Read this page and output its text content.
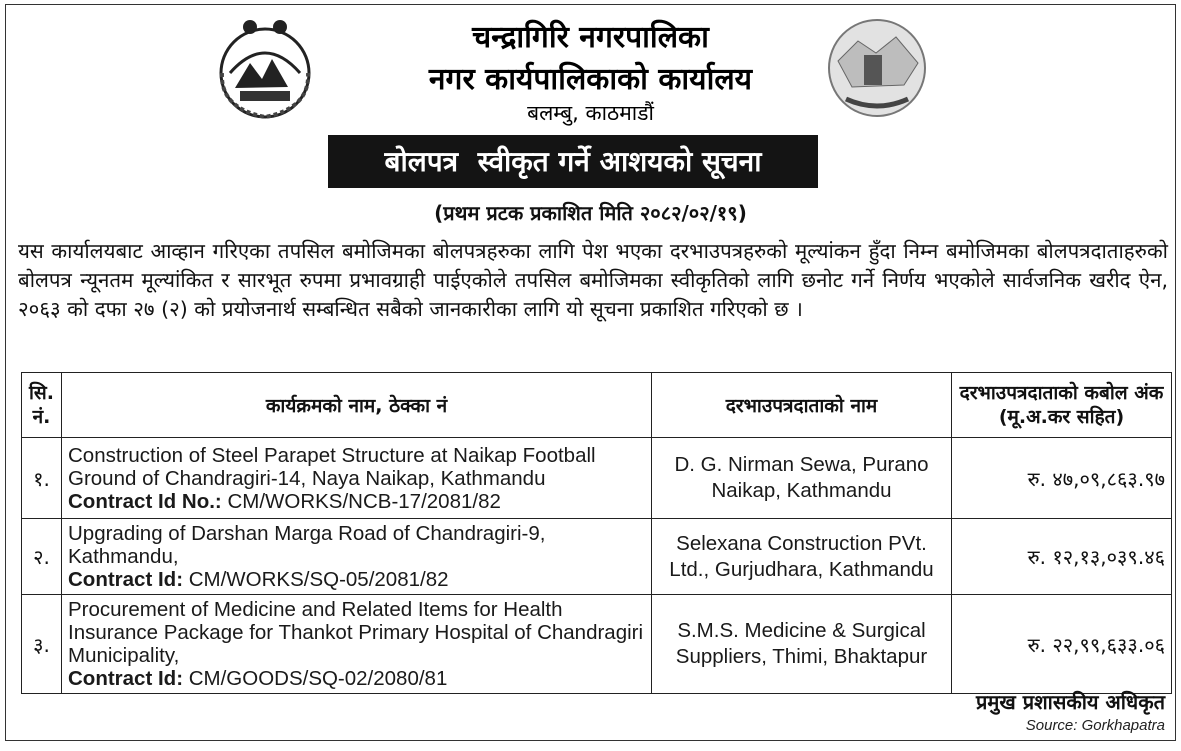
चन्द्रागिरि नगरपालिका
नगर कार्यपालिकाको कार्यालय
बलम्बु, काठमाडौं
बोलपत्र  स्वीकृत गर्ने आशयको सूचना
(प्रथम प्रटक प्रकाशित मिति २०८२/०२/१९)
यस कार्यालयबाट आव्हान गरिएका तपसिल बमोजिमका बोलपत्रहरुका लागि पेश भएका दरभाउपत्रहरुको मूल्यांकन हुँदा निम्न बमोजिमका बोलपत्रदाताहरुको बोलपत्र न्यूनतम मूल्यांकित र सारभूत रुपमा प्रभावग्राही पाईएकोले तपसिल बमोजिमका स्वीकृतिको लागि छनोट गर्ने निर्णय भएकोले सार्वजनिक खरीद ऐन, २०६३ को दफा २७ (२) को प्रयोजनार्थ सम्बन्धित सबैको जानकारीका लागि यो सूचना प्रकाशित गरिएको छ ।
सि.
नं.	कार्यक्रमको नाम, ठेक्का नं	दरभाउपत्रदाताको नाम	दरभाउपत्रदाताको कबोल अंक (मू.अ.कर सहित)
१.	Construction of Steel Parapet Structure at Naikap Football Ground of Chandragiri-14, Naya Naikap, Kathmandu
Contract Id No.: CM/WORKS/NCB-17/2081/82	D. G. Nirman Sewa, Purano Naikap, Kathmandu	रु. ४७,०९,८६३.९७
२.	Upgrading of Darshan Marga Road of Chandragiri-9, Kathmandu,
Contract Id: CM/WORKS/SQ-05/2081/82	Selexana Construction PVt. Ltd., Gurjudhara, Kathmandu	रु. १२,१३,०३९.४६
३.	Procurement of Medicine and Related Items for Health Insurance Package for Thankot Primary Hospital of Chandragiri Municipality,
Contract Id: CM/GOODS/SQ-02/2080/81	S.M.S. Medicine & Surgical Suppliers, Thimi, Bhaktapur	रु. २२,९९,६३३.०६
प्रमुख प्रशासकीय अधिकृत
Source: Gorkhapatra
